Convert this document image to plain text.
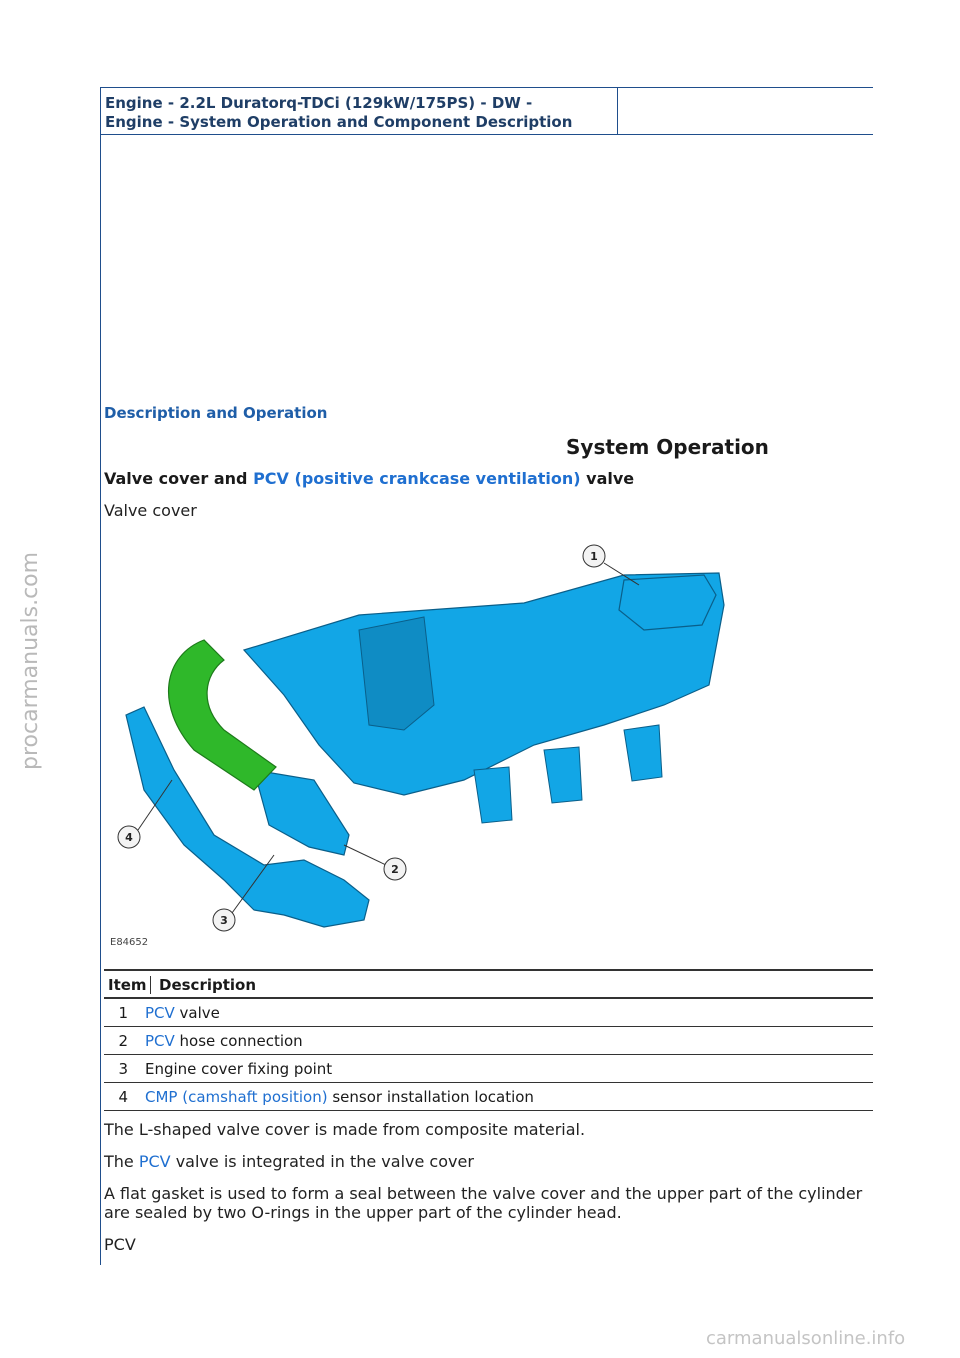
Engine - 2.2L Duratorq-TDCi (129kW/175PS) - DW -
Engine - System Operation and Component Description
Description and Operation
System Operation
Valve cover and PCV (positive crankcase ventilation) valve
Valve cover
1
2
3
4
E84652
Item Description
1 PCV valve
2 PCV hose connection
3 Engine cover fixing point
4 CMP (camshaft position) sensor installation location
The L-shaped valve cover is made from composite material.
The PCV valve is integrated in the valve cover
A flat gasket is used to form a seal between the valve cover and the upper part of the cylinder
are sealed by two O-rings in the upper part of the cylinder head.
PCV
procarmanuals.com
carmanualsonline.info
